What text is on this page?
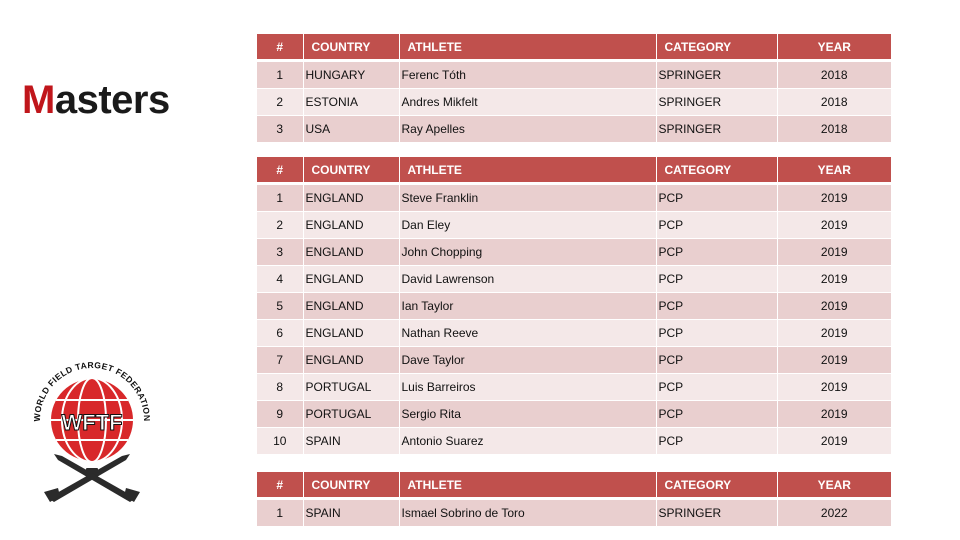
Masters
WORLD FIELD TARGET FEDERATION
WFTF
#	COUNTRY	ATHLETE	CATEGORY	YEAR
1	HUNGARY	Ferenc Tóth	SPRINGER	2018
2	ESTONIA	Andres Mikfelt	SPRINGER	2018
3	USA	Ray Apelles	SPRINGER	2018
#	COUNTRY	ATHLETE	CATEGORY	YEAR
1	ENGLAND	Steve Franklin	PCP	2019
2	ENGLAND	Dan Eley	PCP	2019
3	ENGLAND	John Chopping	PCP	2019
4	ENGLAND	David Lawrenson	PCP	2019
5	ENGLAND	Ian Taylor	PCP	2019
6	ENGLAND	Nathan Reeve	PCP	2019
7	ENGLAND	Dave Taylor	PCP	2019
8	PORTUGAL	Luis Barreiros	PCP	2019
9	PORTUGAL	Sergio Rita	PCP	2019
10	SPAIN	Antonio Suarez	PCP	2019
#	COUNTRY	ATHLETE	CATEGORY	YEAR
1	SPAIN	Ismael Sobrino de Toro	SPRINGER	2022
